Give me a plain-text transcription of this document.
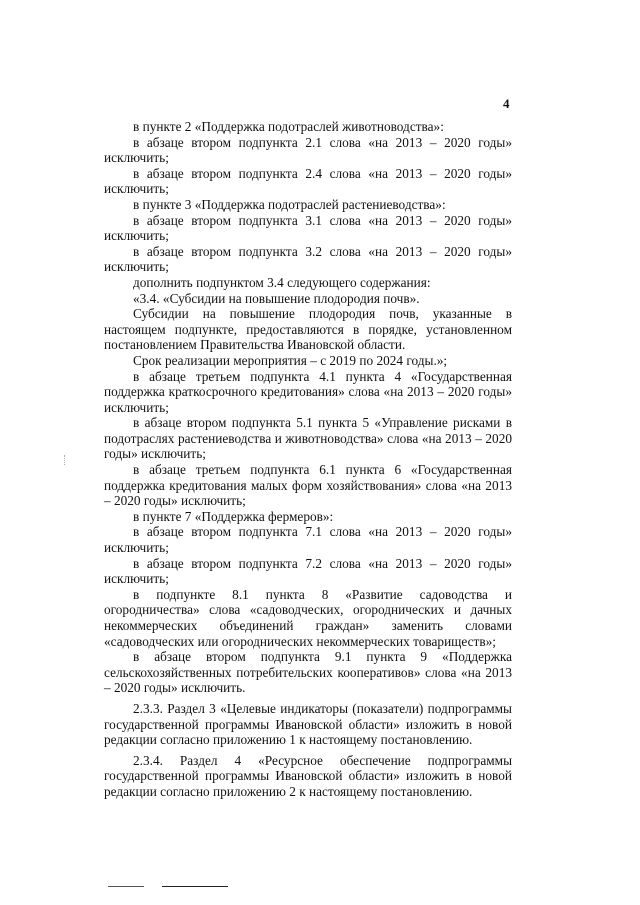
4

в пункте 2 «Поддержка подотраслей животноводства»:

в абзаце втором подпункта 2.1 слова «на 2013 – 2020 годы» исключить;

в абзаце втором подпункта 2.4 слова «на 2013 – 2020 годы» исключить;

в пункте 3 «Поддержка подотраслей растениеводства»:

в абзаце втором подпункта 3.1 слова «на 2013 – 2020 годы» исключить;

в абзаце втором подпункта 3.2 слова «на 2013 – 2020 годы» исключить;

дополнить подпунктом 3.4 следующего содержания:

«3.4. «Субсидии на повышение плодородия почв».

Субсидии на повышение плодородия почв, указанные в настоящем подпункте, предоставляются в порядке, установленном постановлением Правительства Ивановской области.

Срок реализации мероприятия – с 2019 по 2024 годы.»;

в абзаце третьем подпункта 4.1 пункта 4 «Государственная поддержка краткосрочного кредитования» слова «на 2013 – 2020 годы» исключить;

в абзаце втором подпункта 5.1 пункта 5 «Управление рисками в подотраслях растениеводства и животноводства» слова «на 2013 – 2020 годы» исключить;

в абзаце третьем подпункта 6.1 пункта 6 «Государственная поддержка кредитования малых форм хозяйствования» слова «на 2013 – 2020 годы» исключить;

в пункте 7 «Поддержка фермеров»:

в абзаце втором подпункта 7.1 слова «на 2013 – 2020 годы» исключить;

в абзаце втором подпункта 7.2 слова «на 2013 – 2020 годы» исключить;

в подпункте 8.1 пункта 8 «Развитие садоводства и огородничества» слова «садоводческих, огороднических и дачных некоммерческих объединений граждан» заменить словами «садоводческих или огороднических некоммерческих товариществ»;

в абзаце втором подпункта 9.1 пункта 9 «Поддержка сельскохозяйственных потребительских кооперативов» слова «на 2013 – 2020 годы» исключить.

2.3.3. Раздел 3 «Целевые индикаторы (показатели) подпрограммы государственной программы Ивановской области» изложить в новой редакции согласно приложению 1 к настоящему постановлению.

2.3.4. Раздел 4 «Ресурсное обеспечение подпрограммы государственной программы Ивановской области» изложить в новой редакции согласно приложению 2 к настоящему постановлению.
